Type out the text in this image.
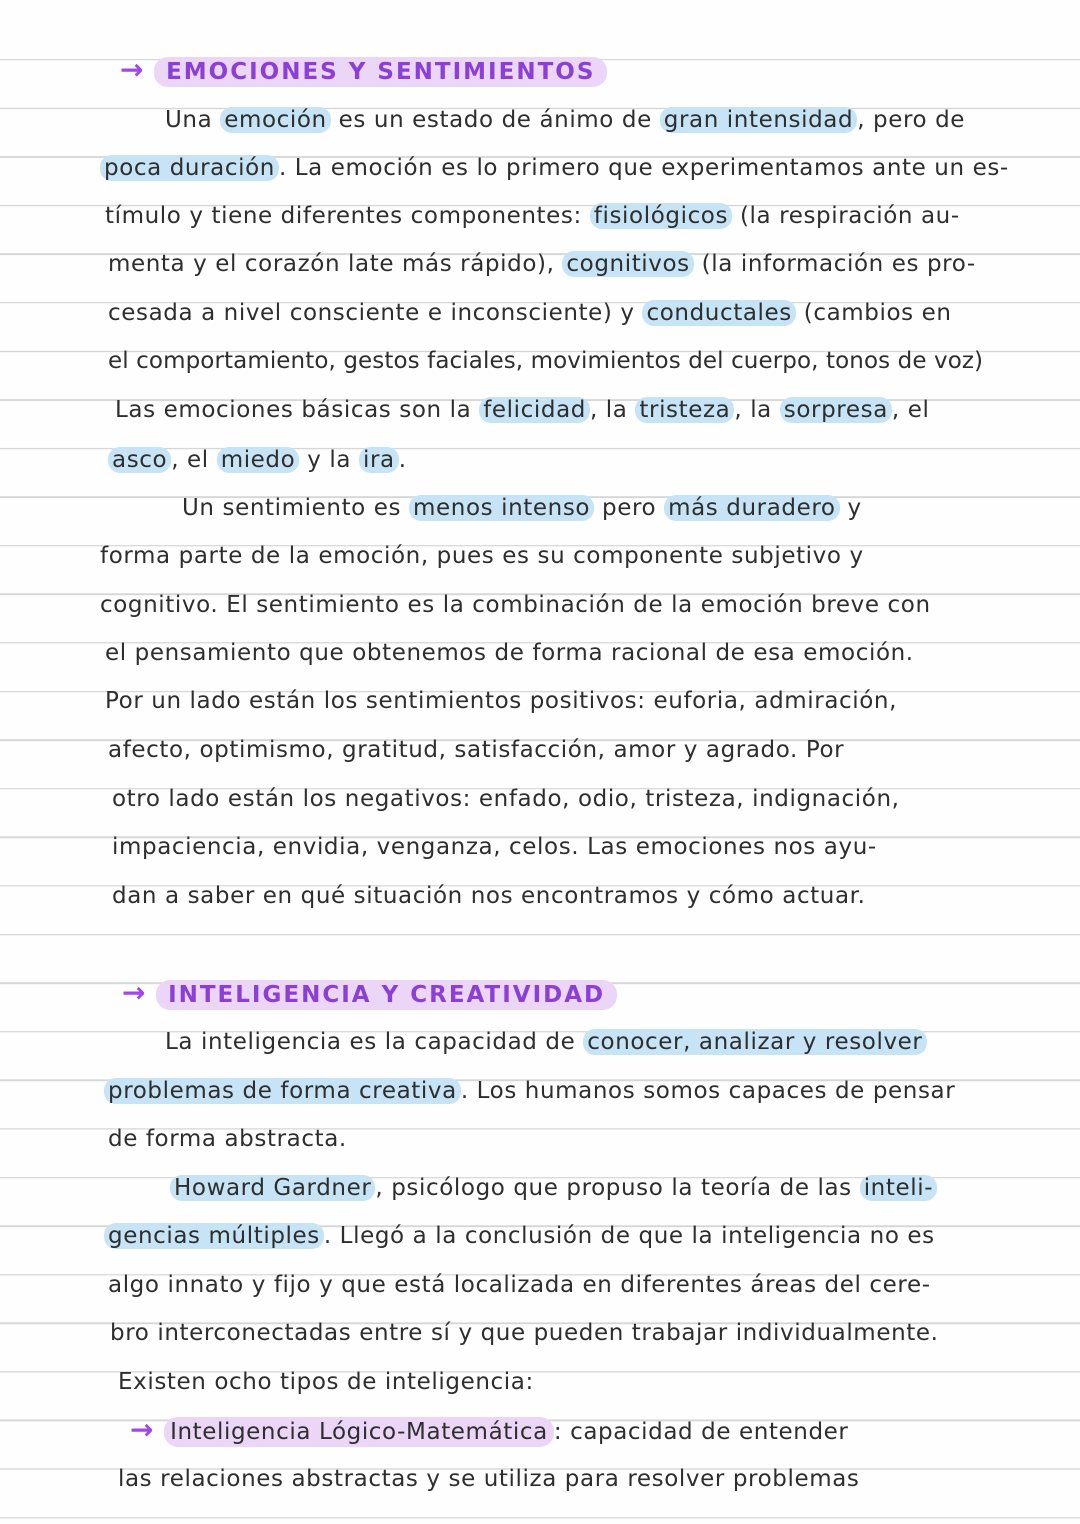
→ EMOCIONES Y SENTIMIENTOS
Una emoción es un estado de ánimo de gran intensidad , pero de
poca duración . La emoción es lo primero que experimentamos ante un es-
tímulo y tiene diferentes componentes: fisiológicos (la respiración au-
menta y el corazón late más rápido), cognitivos (la información es pro-
cesada a nivel consciente e inconsciente) y conductales (cambios en
el comportamiento, gestos faciales, movimientos del cuerpo, tonos de voz)
Las emociones básicas son la felicidad , la tristeza , la sorpresa , el
asco , el miedo y la ira .
Un sentimiento es menos intenso pero más duradero y
forma parte de la emoción, pues es su componente subjetivo y
cognitivo. El sentimiento es la combinación de la emoción breve con
el pensamiento que obtenemos de forma racional de esa emoción.
Por un lado están los sentimientos positivos: euforia, admiración,
afecto, optimismo, gratitud, satisfacción, amor y agrado. Por
otro lado están los negativos: enfado, odio, tristeza, indignación,
impaciencia, envidia, venganza, celos. Las emociones nos ayu-
dan a saber en qué situación nos encontramos y cómo actuar.
→ INTELIGENCIA Y CREATIVIDAD
La inteligencia es la capacidad de conocer, analizar y resolver
problemas de forma creativa . Los humanos somos capaces de pensar
de forma abstracta.
Howard Gardner , psicólogo que propuso la teoría de las inteli-
gencias múltiples . Llegó a la conclusión de que la inteligencia no es
algo innato y fijo y que está localizada en diferentes áreas del cere-
bro interconectadas entre sí y que pueden trabajar individualmente.
Existen ocho tipos de inteligencia:
→ Inteligencia Lógico-Matemática : capacidad de entender
las relaciones abstractas y se utiliza para resolver problemas
